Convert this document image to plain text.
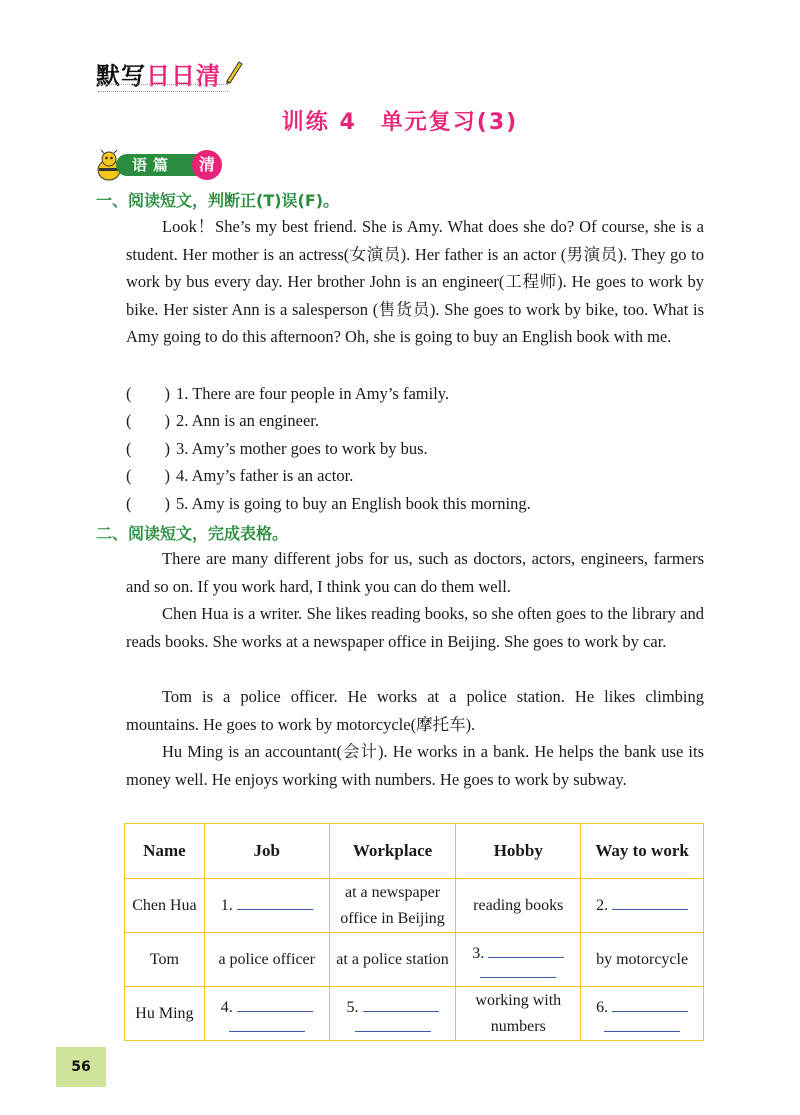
默写日日清
训练 4　单元复习(3)
语篇	清
一、阅读短文，判断正(T)误(F)。

Look！She’s my best friend. She is Amy. What does she do? Of course, she is a student. Her mother is an actress(女演员). Her father is an actor (男演员). They go to work by bus every day. Her brother John is an engineer(工程师). He goes to work by bike. Her sister Ann is a salesperson (售货员). She goes to work by bike, too. What is Amy going to do this afternoon? Oh, she is going to buy an English book with me.

(　　) 1. There are four people in Amy’s family.
(　　) 2. Ann is an engineer.
(　　) 3. Amy’s mother goes to work by bus.
(　　) 4. Amy’s father is an actor.
(　　) 5. Amy is going to buy an English book this morning.
二、阅读短文，完成表格。

There are many different jobs for us, such as doctors, actors, engineers, farmers and so on. If you work hard, I think you can do them well.

Chen Hua is a writer. She likes reading books, so she often goes to the library and reads books. She works at a newspaper office in Beijing. She goes to work by car.

Tom is a police officer. He works at a police station. He likes climbing mountains. He goes to work by motorcycle(摩托车).

Hu Ming is an accountant(会计). He works in a bank. He helps the bank use its money well. He enjoys working with numbers. He goes to work by subway.

Name	Job	Workplace	Hobby	Way to work
Chen Hua	1.	at a newspaper office in Beijing	reading books	2.
Tom	a police officer	at a police station	3.	by motorcycle
Hu Ming	4.	5.	working with numbers	6.
56
